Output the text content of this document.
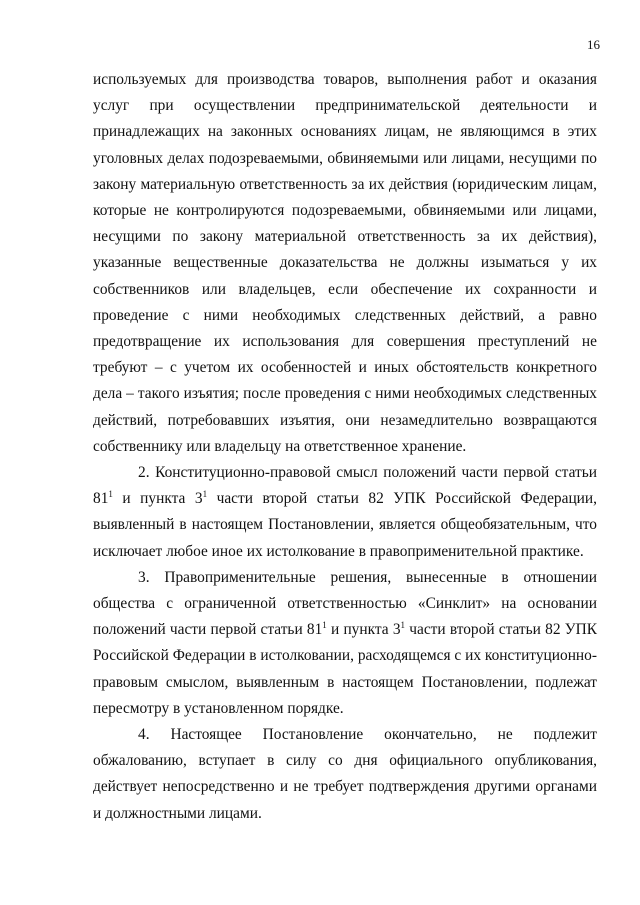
16

используемых для производства товаров, выполнения работ и оказания услуг при осуществлении предпринимательской деятельности и принадлежащих на законных основаниях лицам, не являющимся в этих уголовных делах подозреваемыми, обвиняемыми или лицами, несущими по закону материальную ответственность за их действия (юридическим лицам, которые не контролируются подозреваемыми, обвиняемыми или лицами, несущими по закону материальной ответственность за их действия), указанные вещественные доказательства не должны изыматься у их собственников или владельцев, если обеспечение их сохранности и проведение с ними необходимых следственных действий, а равно предотвращение их использования для совершения преступлений не требуют – с учетом их особенностей и иных обстоятельств конкретного дела – такого изъятия; после проведения с ними необходимых следственных действий, потребовавших изъятия, они незамедлительно возвращаются собственнику или владельцу на ответственное хранение.

2. Конституционно-правовой смысл положений части первой статьи $81^1$ и пункта $3^1$ части второй статьи 82 УПК Российской Федерации, выявленный в настоящем Постановлении, является общеобязательным, что исключает любое иное их истолкование в правоприменительной практике.

3. Правоприменительные решения, вынесенные в отношении общества с ограниченной ответственностью «Синклит» на основании положений части первой статьи $81^1$ и пункта $3^1$ части второй статьи 82 УПК Российской Федерации в истолковании, расходящемся с их конституционно-правовым смыслом, выявленным в настоящем Постановлении, подлежат пересмотру в установленном порядке.

4. Настоящее Постановление окончательно, не подлежит обжалованию, вступает в силу со дня официального опубликования, действует непосредственно и не требует подтверждения другими органами и должностными лицами.
